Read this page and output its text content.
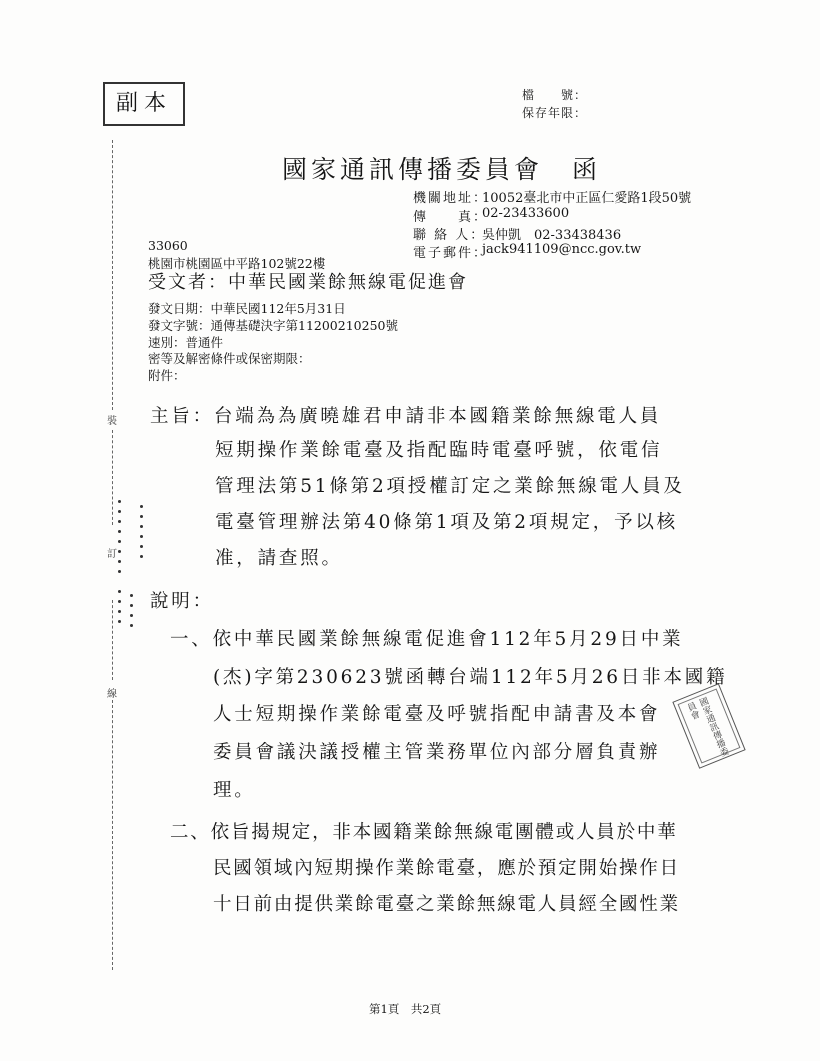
副本	檔　　號：
保存年限：
國家通訊傳播委員會　函
機關地址：
10052臺北市中正區仁愛路1段50號
傳　　真：
02-23433600
聯 絡 人：
吳仲凱　02-33438436
電子郵件：
jack941109@ncc.gov.tw
33060
桃園市桃園區中平路102號22樓
受文者：中華民國業餘無線電促進會
發文日期：中華民國112年5月31日
發文字號：通傳基礎決字第11200210250號
速別：普通件
密等及解密條件或保密期限：
附件：
主旨：台端為為廣曉雄君申請非本國籍業餘無線電人員
短期操作業餘電臺及指配臨時電臺呼號，依電信
管理法第51條第2項授權訂定之業餘無線電人員及
電臺管理辦法第40條第1項及第2項規定，予以核
准，請查照。
說明：
一、依中華民國業餘無線電促進會112年5月29日中業
(杰)字第230623號函轉台端112年5月26日非本國籍
人士短期操作業餘電臺及呼號指配申請書及本會
委員會議決議授權主管業務單位內部分層負責辦
理。
二、依旨揭規定，非本國籍業餘無線電團體或人員於中華
民國領域內短期操作業餘電臺，應於預定開始操作日
十日前由提供業餘電臺之業餘無線電人員經全國性業
裝
訂
線
國家通訊傳播委員會
第1頁　共2頁
